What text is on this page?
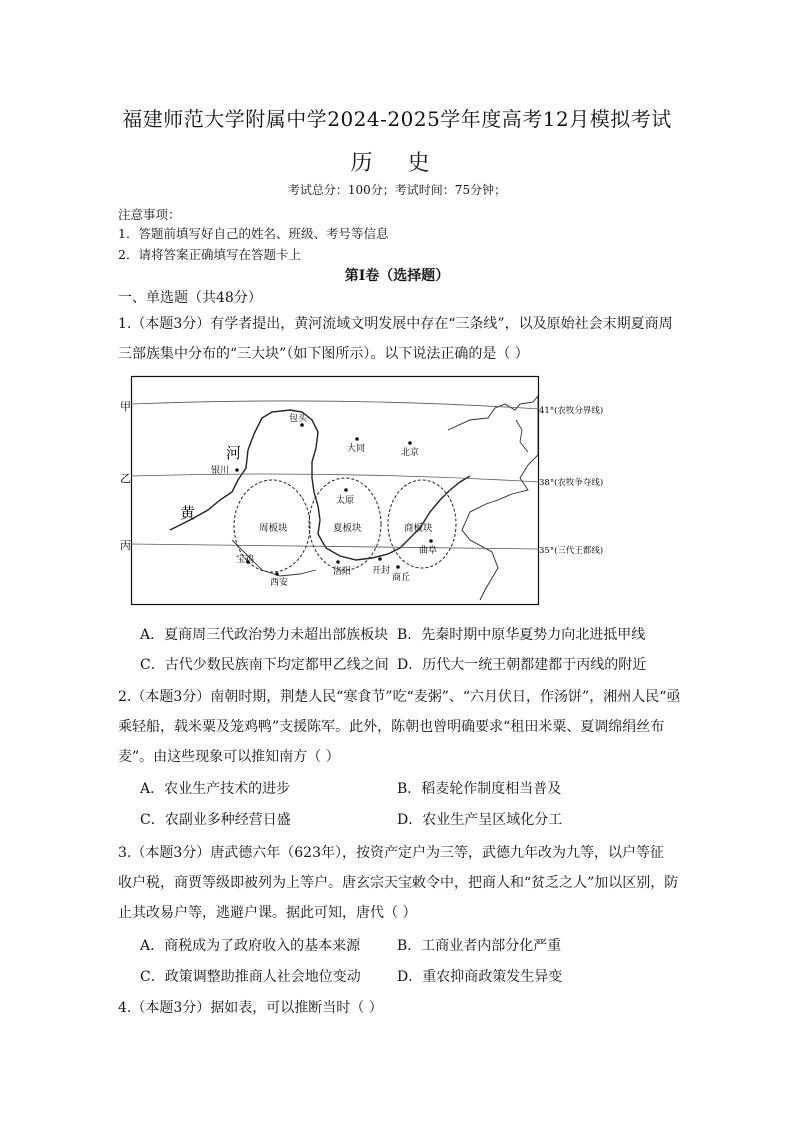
福建师范大学附属中学2024-2025学年度高考12月模拟考试
历 史
考试总分：100分；考试时间：75分钟；
注意事项：
1．答题前填写好自己的姓名、班级、考号等信息
2．请将答案正确填写在答题卡上
第I卷（选择题）
一、单选题（共48分）
1.（本题3分）有学者提出，黄河流域文明发展中存在“三条线”，以及原始社会末期夏商周
三部族集中分布的“三大块”（如下图所示）。以下说法正确的是（ ）
甲
乙
丙
41°(农牧分界线)
38°(农牧争夺线)
35°(三代王都线)
河
黄
包头
大同	北京
银川
太原
曲阜
宝鸡
西安
洛阳 开封
商丘
周板块	夏板块	商板块
A．夏商周三代政治势力未超出部族板块 B．先秦时期中原华夏势力向北进抵甲线
C．古代少数民族南下均定都甲乙线之间 D．历代大一统王朝都建都于丙线的附近
2.（本题3分）南朝时期，荆楚人民“寒食节”吃“麦粥”、“六月伏日，作汤饼”，湘州人民“亟
乘轻船，载米粟及笼鸡鸭”支援陈军。此外，陈朝也曾明确要求“租田米粟、夏调绵绢丝布
麦”。由这些现象可以推知南方（ ）
A．农业生产技术的进步	B．稻麦轮作制度相当普及
C．农副业多种经营日盛	D．农业生产呈区域化分工
3.（本题3分）唐武德六年（623年），按资产定户为三等，武德九年改为九等，以户等征
收户税，商贾等级即被列为上等户。唐玄宗天宝敕令中，把商人和“贫乏之人”加以区别，防
止其改易户等，逃避户课。据此可知，唐代（ ）
A．商税成为了政府收入的基本来源	B．工商业者内部分化严重
C．政策调整助推商人社会地位变动	D．重农抑商政策发生异变
4.（本题3分）据如表，可以推断当时（ ）
